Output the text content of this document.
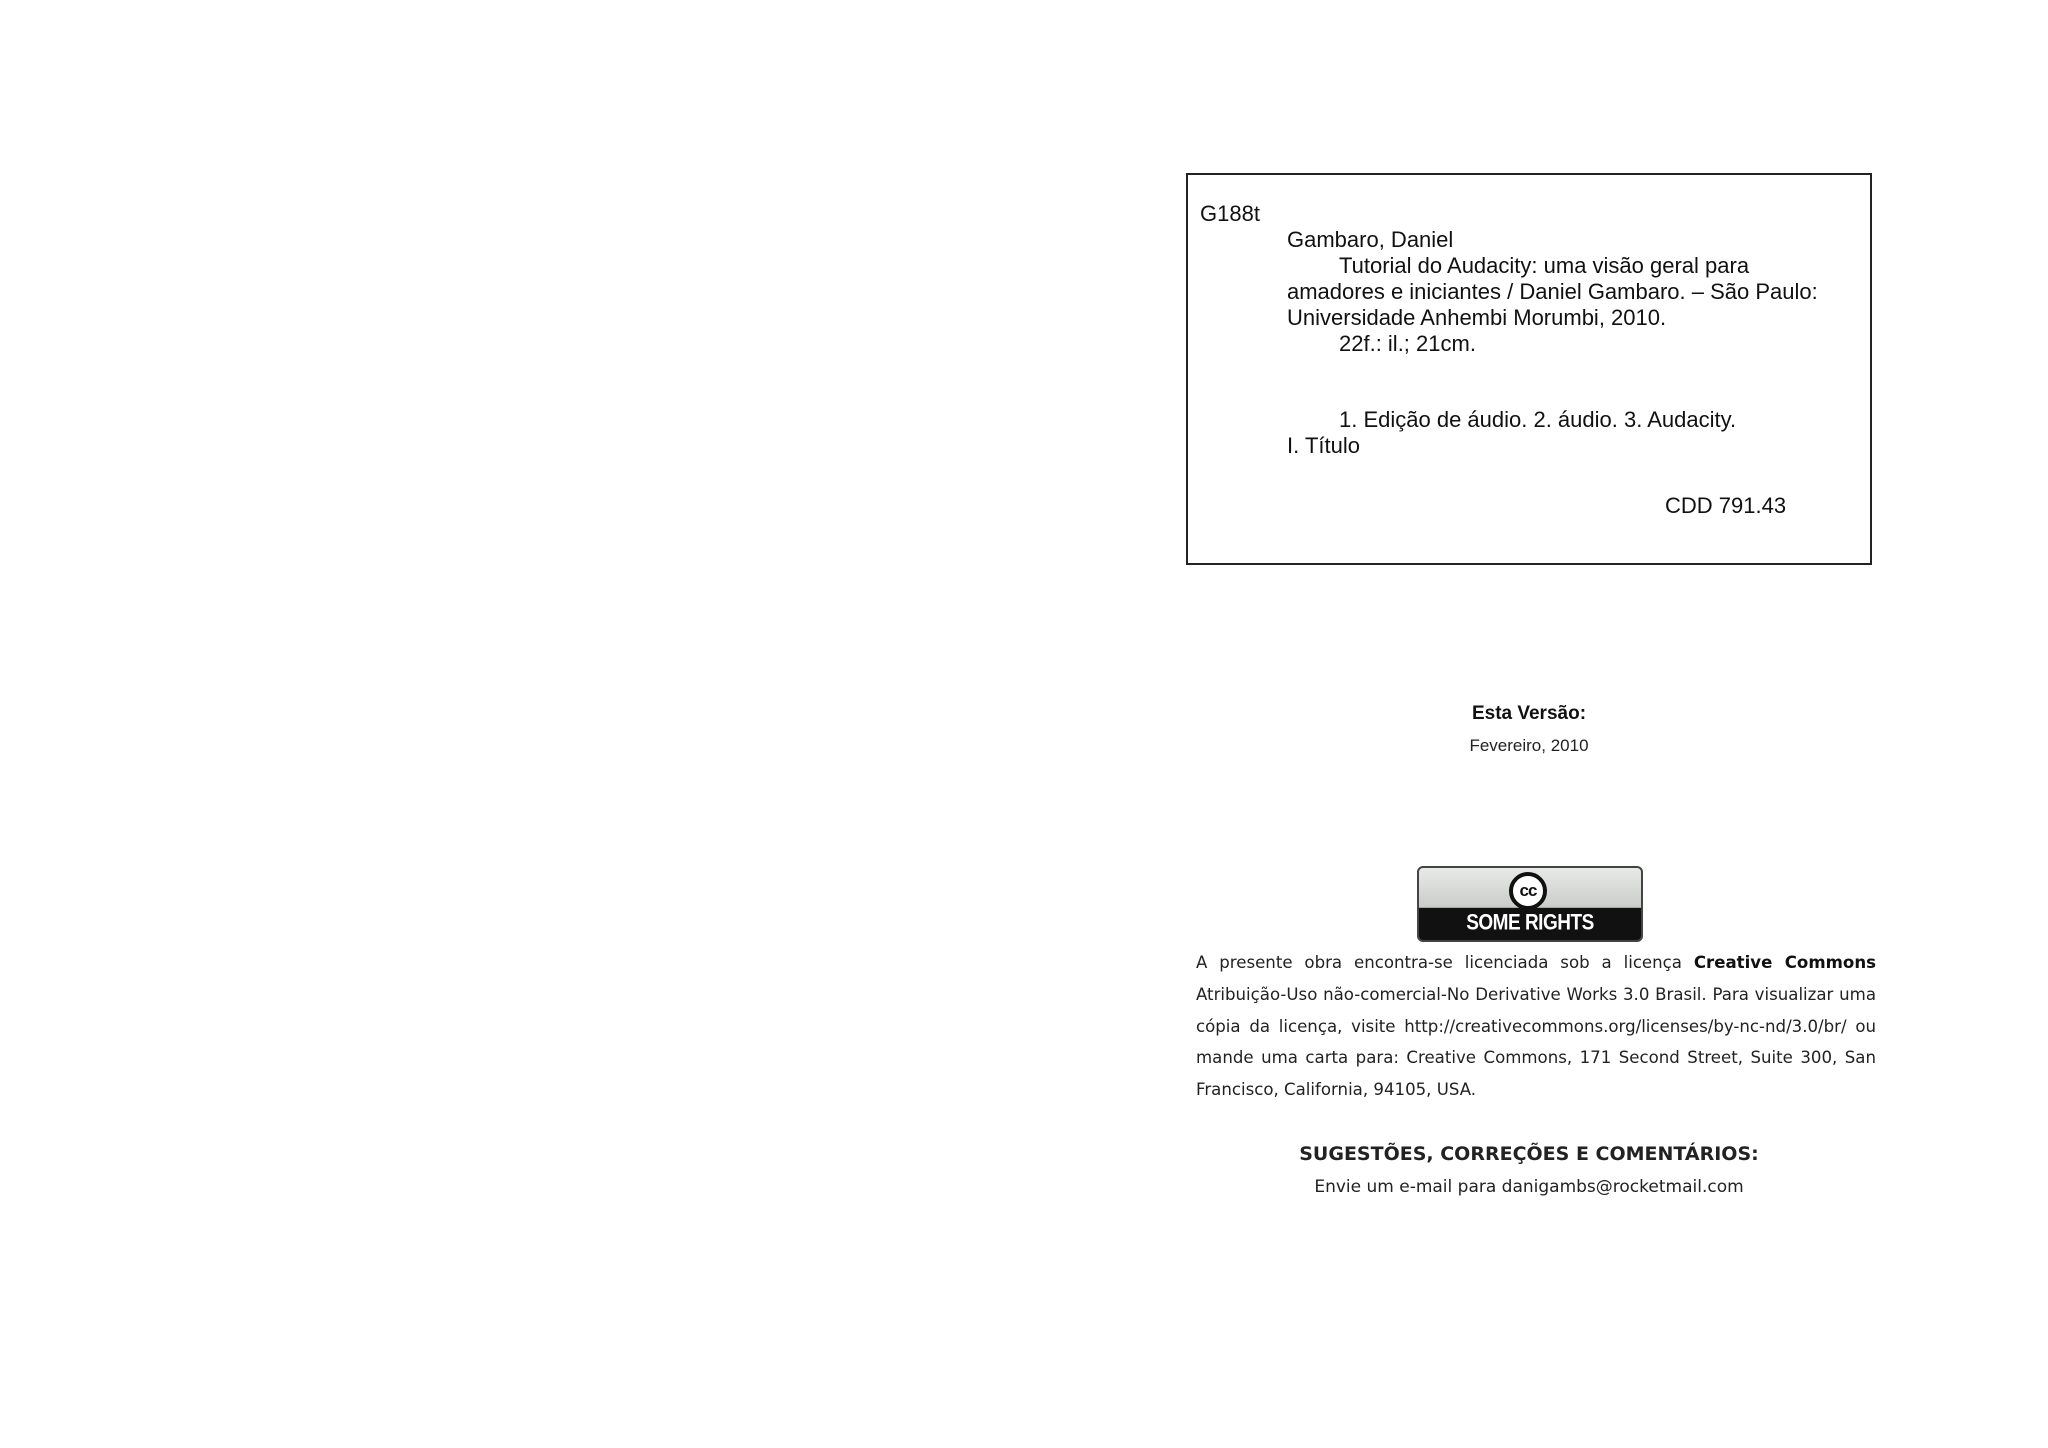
G188t
Gambaro, Daniel
Tutorial do Audacity: uma visão geral para
amadores e iniciantes / Daniel Gambaro. – São Paulo:
Universidade Anhembi Morumbi, 2010.
22f.: il.; 21cm.
1. Edição de áudio. 2. áudio. 3. Audacity.
I. Título
CDD 791.43
Esta Versão:
Fevereiro, 2010
cc
SOME RIGHTS
A presente obra encontra-se licenciada sob a licença Creative Commons Atribuição-Uso não-comercial-No Derivative Works 3.0 Brasil. Para visualizar uma cópia da licença, visite http://creativecommons.org/licenses/by-nc-nd/3.0/br/ ou mande uma carta para: Creative Commons, 171 Second Street, Suite 300, San Francisco, California, 94105, USA.
SUGESTÕES, CORREÇÕES E COMENTÁRIOS:
Envie um e-mail para danigambs@rocketmail.com
